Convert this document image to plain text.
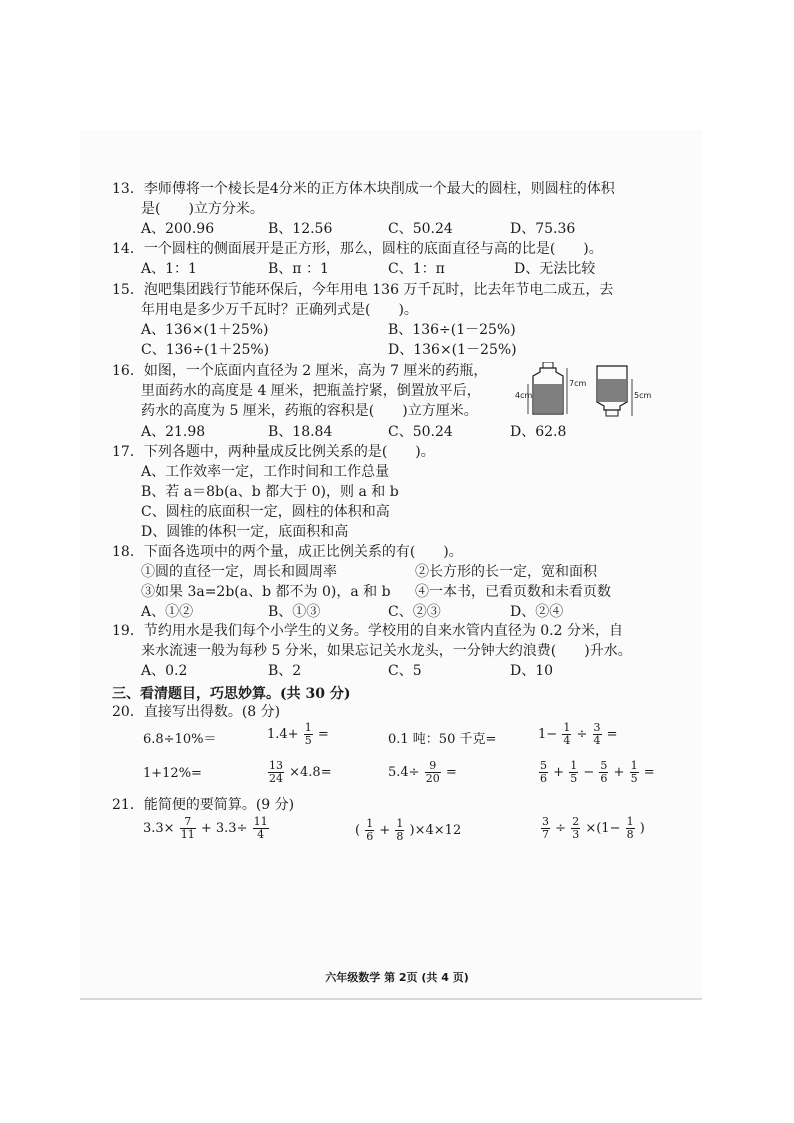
13．李师傅将一个棱长是4分米的正方体木块削成一个最大的圆柱，则圆柱的体积
是(　　)立方分米。
A、200.96	B、12.56	C、50.24	D、75.36
14．一个圆柱的侧面展开是正方形，那么，圆柱的底面直径与高的比是(　　)。
A、1：1	B、π ：1	C、1：π	D、无法比较
15．泡吧集团践行节能环保后，今年用电 136 万千瓦时，比去年节电二成五，去
年用电是多少万千瓦时？正确列式是(　　)。
A、136×(1＋25%)	B、136÷(1－25%)
C、136÷(1＋25%)	D、136×(1－25%)
16．如图，一个底面内直径为 2 厘米，高为 7 厘米的药瓶，
里面药水的高度是 4 厘米，把瓶盖拧紧，倒置放平后，
药水的高度为 5 厘米，药瓶的容积是(　　)立方厘米。
A、21.98	B、18.84	C、50.24	D、62.8
4cm
7cm
5cm
17．下列各题中，两种量成反比例关系的是(　　)。
A、工作效率一定，工作时间和工作总量
B、若 a＝8b(a、b 都大于 0)，则 a 和 b
C、圆柱的底面积一定，圆柱的体积和高
D、圆锥的体积一定，底面积和高
18．下面各选项中的两个量，成正比例关系的有(　　)。
①圆的直径一定，周长和圆周率	②长方形的长一定，宽和面积
③如果 3a=2b(a、b 都不为 0)，a 和 b ④一本书，已看页数和未看页数
A、①②	B、①③	C、②③	D、②④
19．节约用水是我们每个小学生的义务。学校用的自来水管内直径为 0.2 分米，自
来水流速一般为每秒 5 分米，如果忘记关水龙头，一分钟大约浪费(　　)升水。
A、0.2	B、2	C、5	D、10
三、看清题目，巧思妙算。(共 30 分)
20．直接写出得数。(8 分)
6.8÷10%＝	$1.4+ \frac{1}{5}$ =	0.1 吨：50 千克=	$1- \frac{1}{4} \div \frac{3}{4}$ =
1+12%=	$\frac{13}{24} \times 4.8=$	$5.4\div \frac{9}{20}$ =	$\frac{5}{6} + \frac{1}{5} - \frac{5}{6} + \frac{1}{5}$ =
21．能简便的要简算。(9 分)
$3.3\times \frac{7}{11} + 3.3\div \frac{11}{4}$	( $\frac{1}{6} + \frac{1}{8} )\times 4\times 12$	$\frac{3}{7} \div \frac{2}{3} \times(1- \frac{1}{8}$ )
六年级数学 第 2页 (共 4 页)
